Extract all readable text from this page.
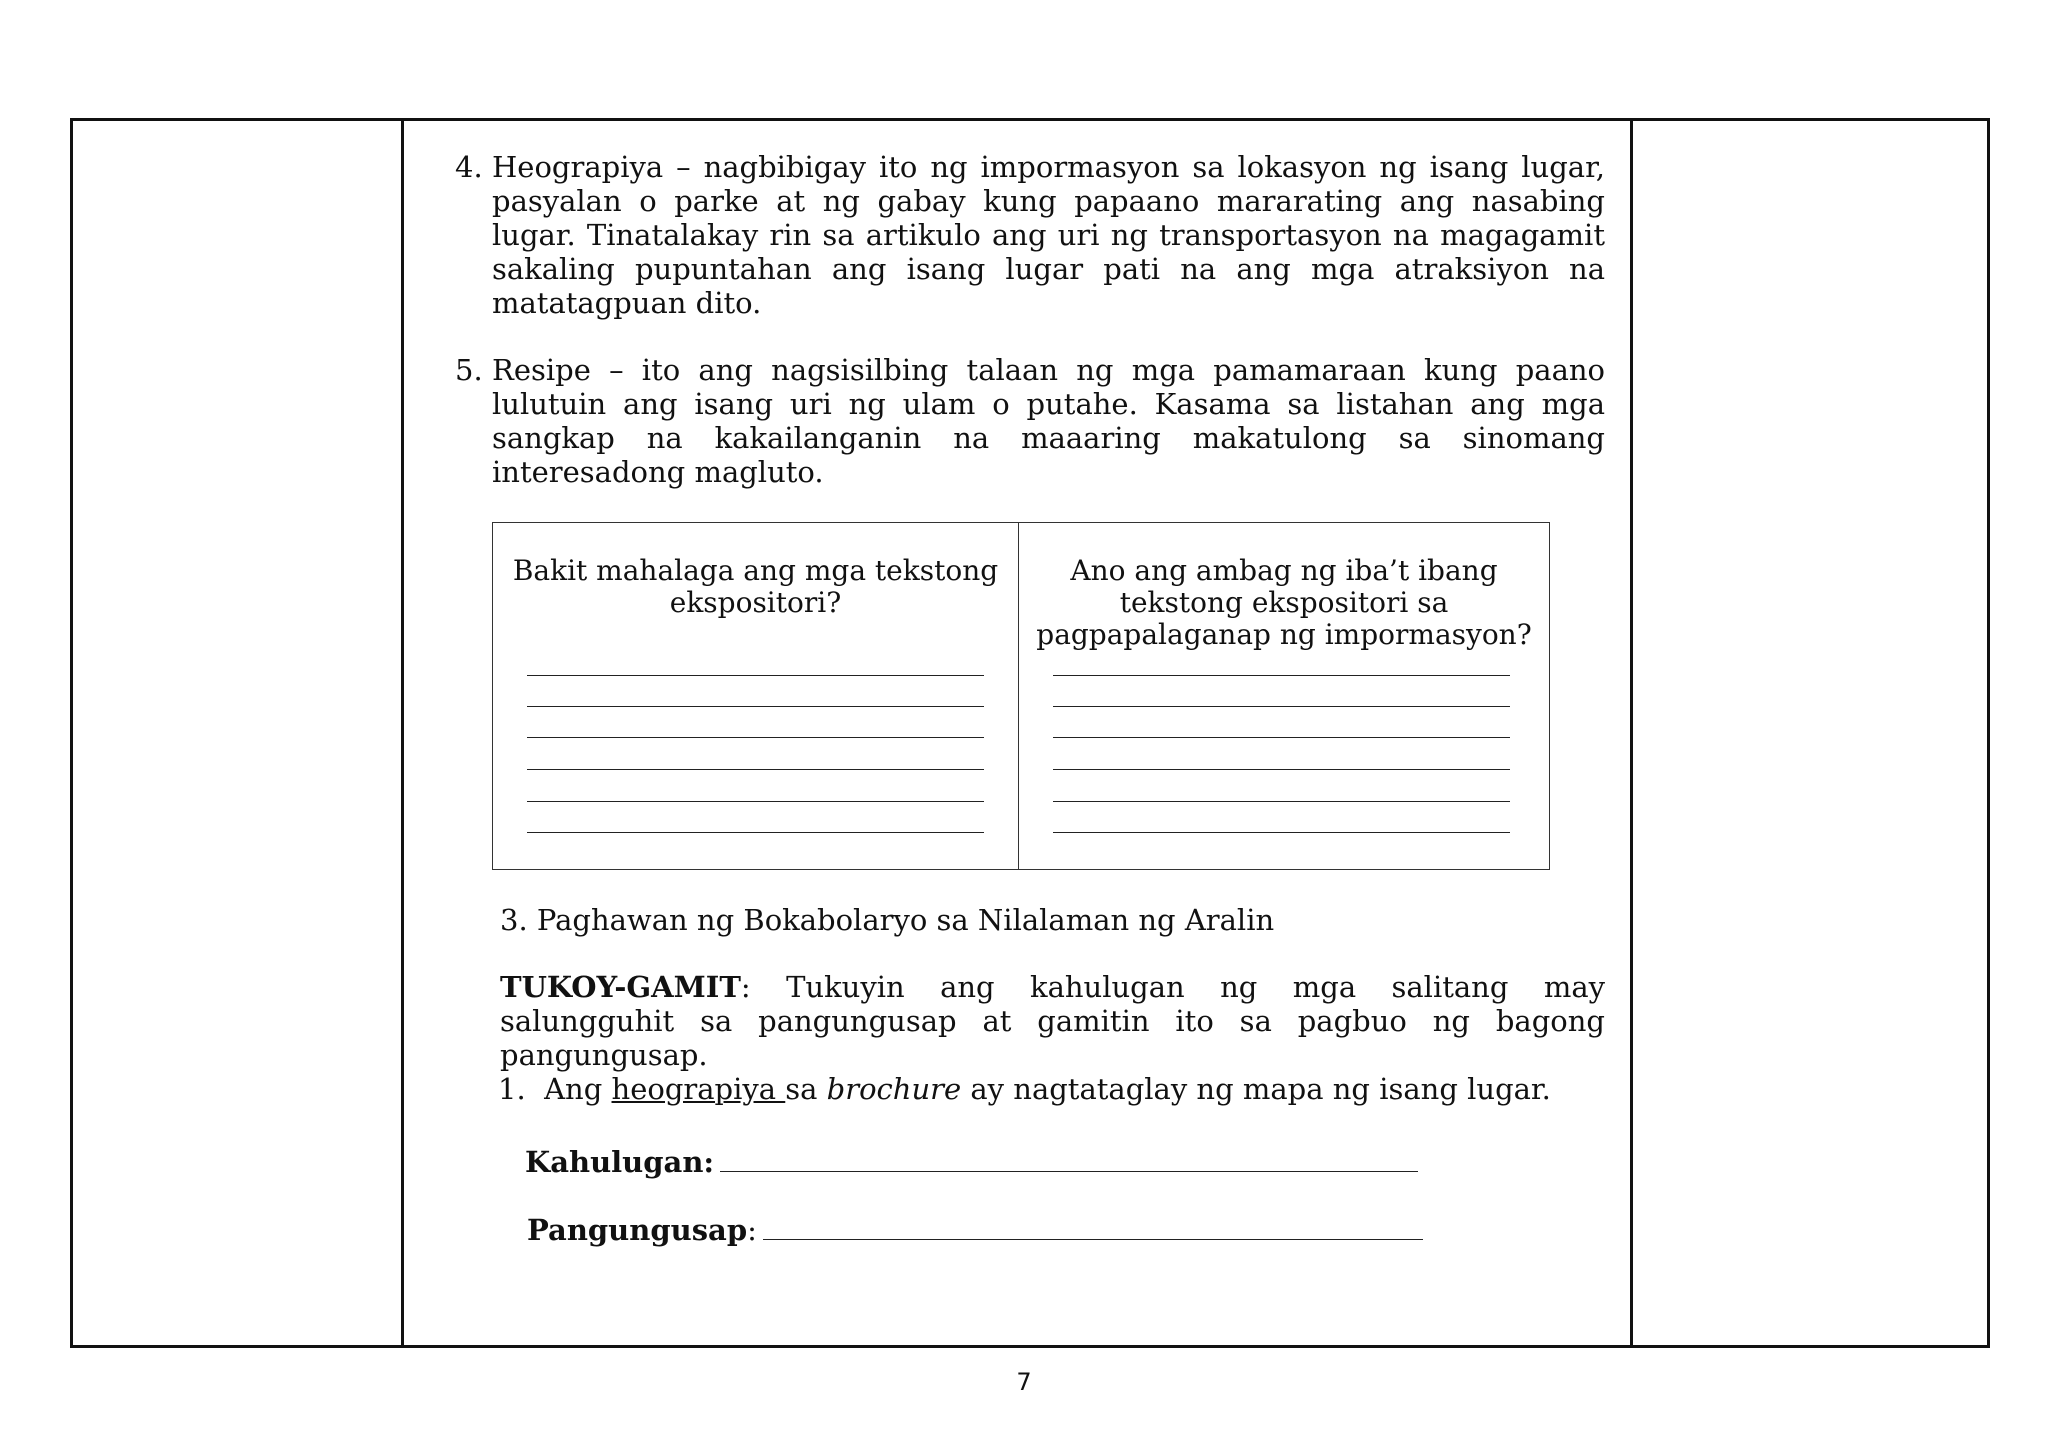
4. Heograpiya – nagbibigay ito ng impormasyon sa lokasyon ng isang lugar, pasyalan o parke at ng gabay kung papaano mararating ang nasabing lugar. Tinatalakay rin sa artikulo ang uri ng transportasyon na magagamit sakaling pupuntahan ang isang lugar pati na ang mga atraksiyon na matatagpuan dito.
5. Resipe – ito ang nagsisilbing talaan ng mga pamamaraan kung paano lulutuin ang isang uri ng ulam o putahe. Kasama sa listahan ang mga sangkap na kakailanganin na maaaring makatulong sa sinomang interesadong magluto.
Bakit mahalaga ang mga tekstong ekspositori?
Ano ang ambag ng iba’t ibang tekstong ekspositori sa pagpapalaganap ng impormasyon?
3. Paghawan ng Bokabolaryo sa Nilalaman ng Aralin
TUKOY-GAMIT: Tukuyin ang kahulugan ng mga salitang may salungguhit sa pangungusap at gamitin ito sa pagbuo ng bagong pangungusap.
1. Ang heograpiya sa brochure ay nagtataglay ng mapa ng isang lugar.
Kahulugan:
Pangungusap:
7
